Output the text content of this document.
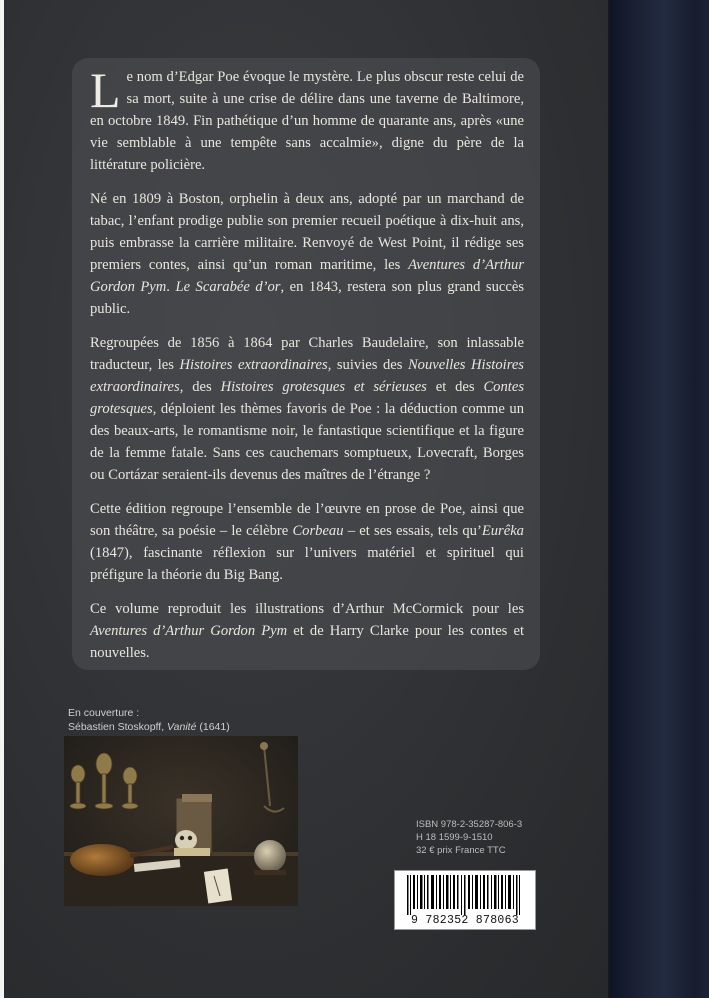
Le nom d’Edgar Poe évoque le mystère. Le plus obscur reste celui de sa mort, suite à une crise de délire dans une taverne de Baltimore, en octobre 1849. Fin pathétique d’un homme de quarante ans, après «une vie semblable à une tempête sans accalmie», digne du père de la littérature policière.

Né en 1809 à Boston, orphelin à deux ans, adopté par un marchand de tabac, l’enfant prodige publie son premier recueil poétique à dix-huit ans, puis embrasse la carrière militaire. Renvoyé de West Point, il rédige ses premiers contes, ainsi qu’un roman maritime, les Aventures d’Arthur Gordon Pym. Le Scarabée d’or, en 1843, restera son plus grand succès public.

Regroupées de 1856 à 1864 par Charles Baudelaire, son inlassable traducteur, les Histoires extraordinaires, suivies des Nouvelles Histoires extraordinaires, des Histoires grotesques et sérieuses et des Contes grotesques, déploient les thèmes favoris de Poe : la déduction comme un des beaux-arts, le romantisme noir, le fantastique scientifique et la figure de la femme fatale. Sans ces cauchemars somptueux, Lovecraft, Borges ou Cortázar seraient-ils devenus des maîtres de l’étrange ?

Cette édition regroupe l’ensemble de l’œuvre en prose de Poe, ainsi que son théâtre, sa poésie – le célèbre Corbeau – et ses essais, tels qu’Eurêka (1847), fascinante réflexion sur l’univers matériel et spirituel qui préfigure la théorie du Big Bang.

Ce volume reproduit les illustrations d’Arthur McCormick pour les Aventures d’Arthur Gordon Pym et de Harry Clarke pour les contes et nouvelles.

En couverture :
Sébastien Stoskopff, Vanité (1641)
ISBN 978-2-35287-806-3
H 18 1599-9-1510
32 € prix France TTC
9 782352 878063
